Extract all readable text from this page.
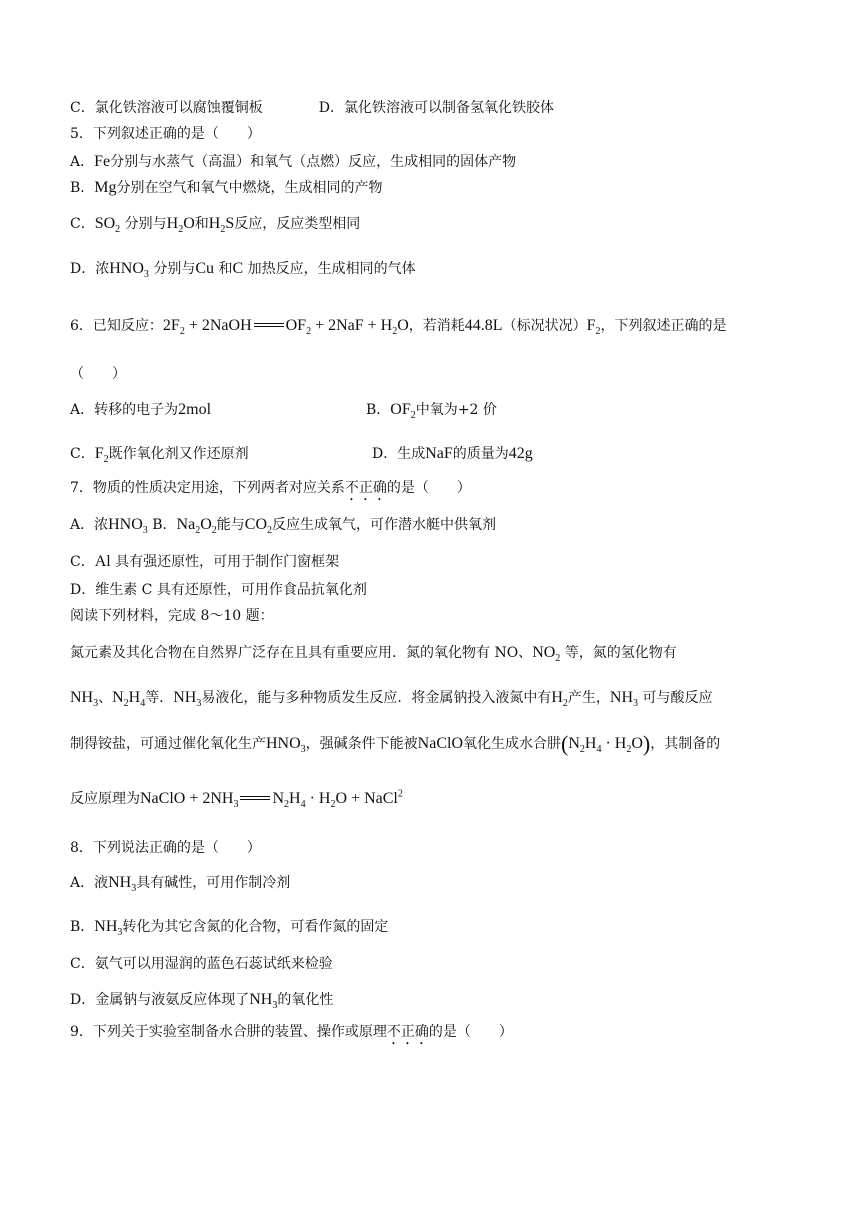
C．氯化铁溶液可以腐蚀覆铜板	D．氯化铁溶液可以制备氢氧化铁胶体
5．下列叙述正确的是（　　）
A．Fe分别与水蒸气（高温）和氧气（点燃）反应，生成相同的固体产物
B．Mg分别在空气和氧气中燃烧，生成相同的产物
C．$SO_2$ 分别与$H_2O$和$H_2S$反应，反应类型相同
D．浓$HNO_3$ 分别与Cu 和C 加热反应，生成相同的气体
6．已知反应：$2F_2$ + 2NaOH $OF_2 + 2NaF + H_2O$，若消耗44.8L（标况状况）$F_2$，下列叙述正确的是
（　　）
A．转移的电子为2mol	B．$OF_2$中氧为+2 价
C．$F_2$既作氧化剂又作还原剂	D．生成NaF的质量为42g
7．物质的性质决定用途，下列两者对应关系不正确的是（　　）
A．浓$HNO_3$ B．$Na_2O_2$能与$CO_2$反应生成氧气，可作潜水艇中供氧剂
C．Al 具有强还原性，可用于制作门窗框架
D．维生素 C 具有还原性，可用作食品抗氧化剂
阅读下列材料，完成 8～10 题：
氮元素及其化合物在自然界广泛存在且具有重要应用．氮的氧化物有 NO、$NO_2$ 等，氮的氢化物有
$NH_3$、$N_2H_4$等．$NH_3$易液化，能与多种物质发生反应．将金属钠投入液氮中有$H_2$产生，$NH_3$ 可与酸反应
制得铵盐，可通过催化氧化生产$HNO_3$，强碱条件下能被NaClO氧化生成水合肼$(N_2H_4 \cdot H_2O)$，其制备的
反应原理为NaClO + $2NH_3$ $N_2H_4 \cdot H_2O$ + NaCl$^2$
8．下列说法正确的是（　　）
A．液$NH_3$具有碱性，可用作制冷剂
B．$NH_3$转化为其它含氮的化合物，可看作氮的固定
C．氨气可以用湿润的蓝色石蕊试纸来检验
D．金属钠与液氨反应体现了$NH_3$的氧化性
9．下列关于实验室制备水合肼的装置、操作或原理不正确的是（　　）
